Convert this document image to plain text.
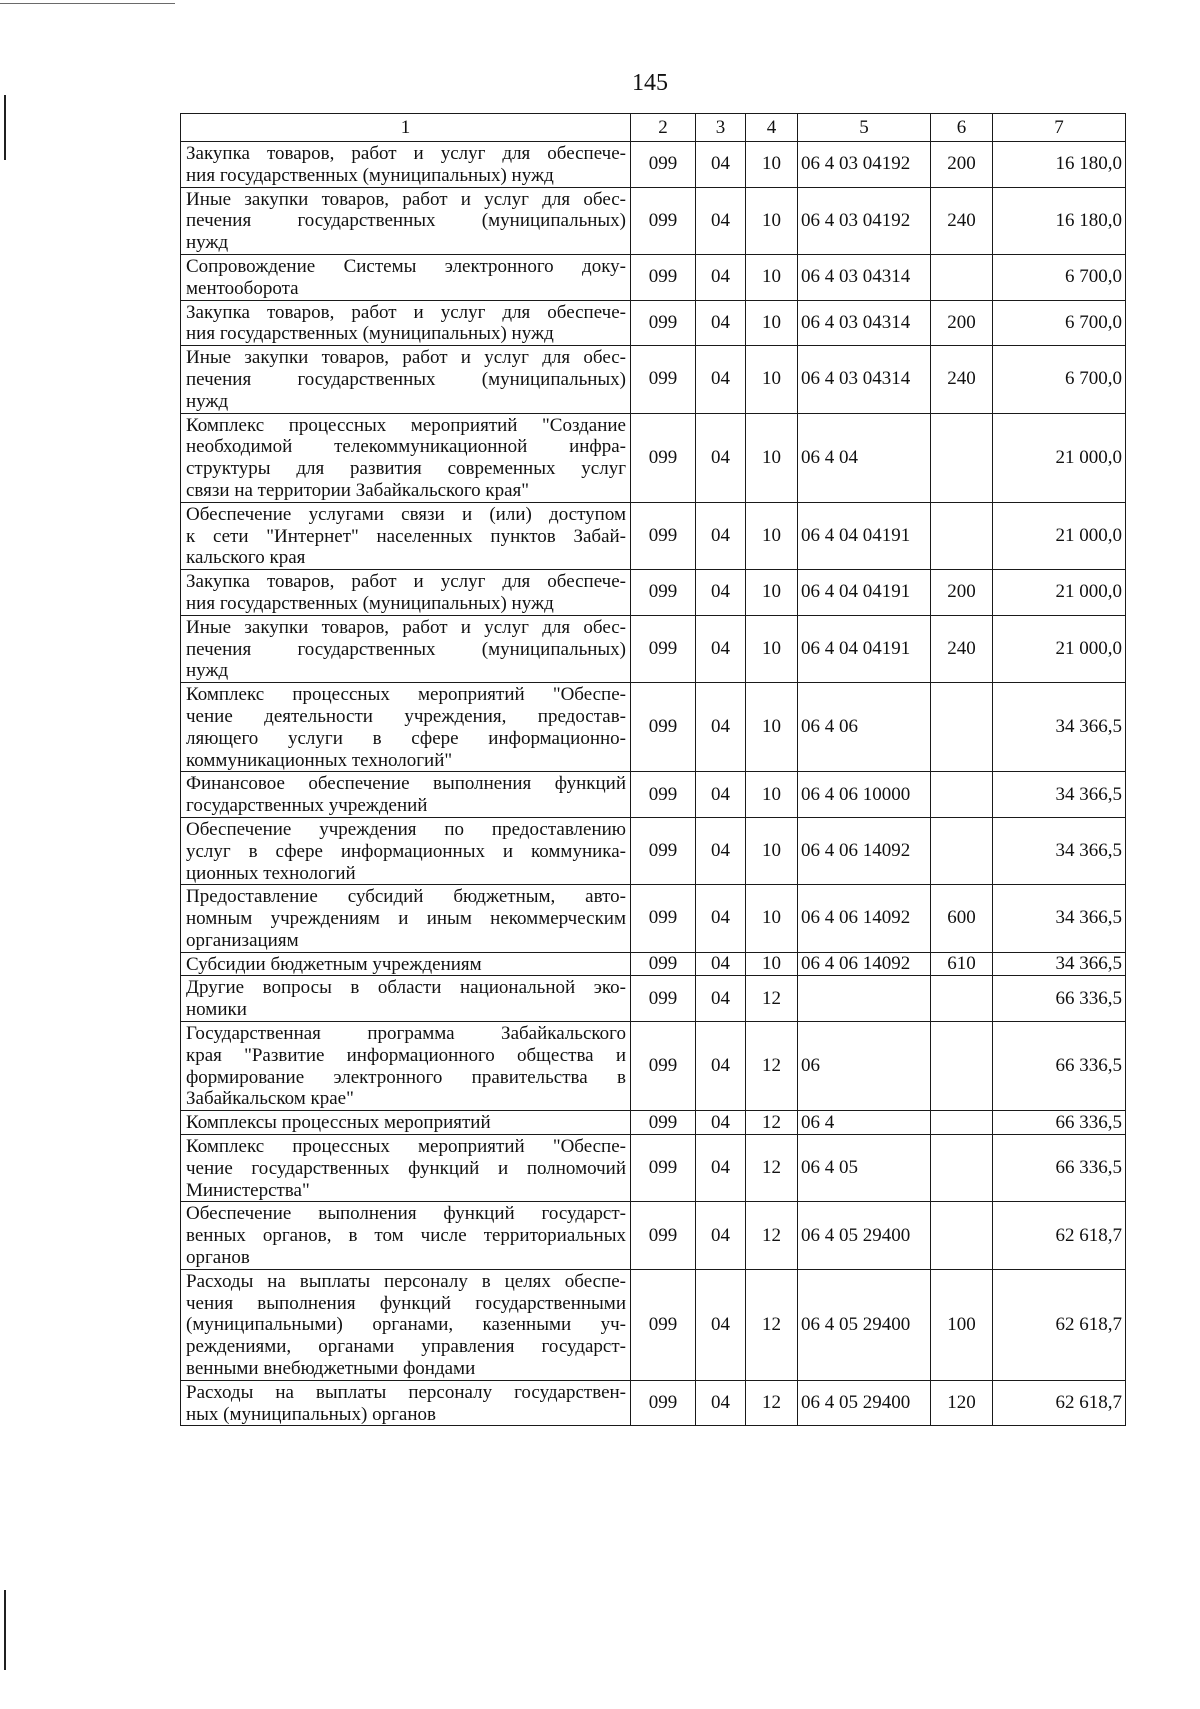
145
1	2	3	4	5	6	7

Закупка товаров, работ и услуг для обеспече-
ния государственных (муниципальных) нужд	099	04	10	06 4 03 04192	200	16 180,0

Иные закупки товаров, работ и услуг для обес-
печения государственных (муниципальных)
нужд	099	04	10	06 4 03 04192	240	16 180,0

Сопровождение Системы электронного доку-
ментооборота	099	04	10	06 4 03 04314		6 700,0

Закупка товаров, работ и услуг для обеспече-
ния государственных (муниципальных) нужд	099	04	10	06 4 03 04314	200	6 700,0

Иные закупки товаров, работ и услуг для обес-
печения государственных (муниципальных)
нужд	099	04	10	06 4 03 04314	240	6 700,0

Комплекс процессных мероприятий "Создание
необходимой телекоммуникационной инфра-
структуры для развития современных услуг
связи на территории Забайкальского края"	099	04	10	06 4 04		21 000,0

Обеспечение услугами связи и (или) доступом
к сети "Интернет" населенных пунктов Забай-
кальского края	099	04	10	06 4 04 04191		21 000,0

Закупка товаров, работ и услуг для обеспече-
ния государственных (муниципальных) нужд	099	04	10	06 4 04 04191	200	21 000,0

Иные закупки товаров, работ и услуг для обес-
печения государственных (муниципальных)
нужд	099	04	10	06 4 04 04191	240	21 000,0

Комплекс процессных мероприятий "Обеспе-
чение деятельности учреждения, предостав-
ляющего услуги в сфере информационно-
коммуникационных технологий"	099	04	10	06 4 06		34 366,5

Финансовое обеспечение выполнения функций
государственных учреждений	099	04	10	06 4 06 10000		34 366,5

Обеспечение учреждения по предоставлению
услуг в сфере информационных и коммуника-
ционных технологий	099	04	10	06 4 06 14092		34 366,5

Предоставление субсидий бюджетным, авто-
номным учреждениям и иным некоммерческим
организациям	099	04	10	06 4 06 14092	600	34 366,5

Субсидии бюджетным учреждениям	099	04	10	06 4 06 14092	610	34 366,5

Другие вопросы в области национальной эко-
номики	099	04	12			66 336,5

Государственная программа Забайкальского
края "Развитие информационного общества и
формирование электронного правительства в
Забайкальском крае"	099	04	12	06		66 336,5

Комплексы процессных мероприятий	099	04	12	06 4		66 336,5

Комплекс процессных мероприятий "Обеспе-
чение государственных функций и полномочий
Министерства"	099	04	12	06 4 05		66 336,5

Обеспечение выполнения функций государст-
венных органов, в том числе территориальных
органов	099	04	12	06 4 05 29400		62 618,7

Расходы на выплаты персоналу в целях обеспе-
чения выполнения функций государственными
(муниципальными) органами, казенными уч-
реждениями, органами управления государст-
венными внебюджетными фондами	099	04	12	06 4 05 29400	100	62 618,7

Расходы на выплаты персоналу государствен-
ных (муниципальных) органов	099	04	12	06 4 05 29400	120	62 618,7
